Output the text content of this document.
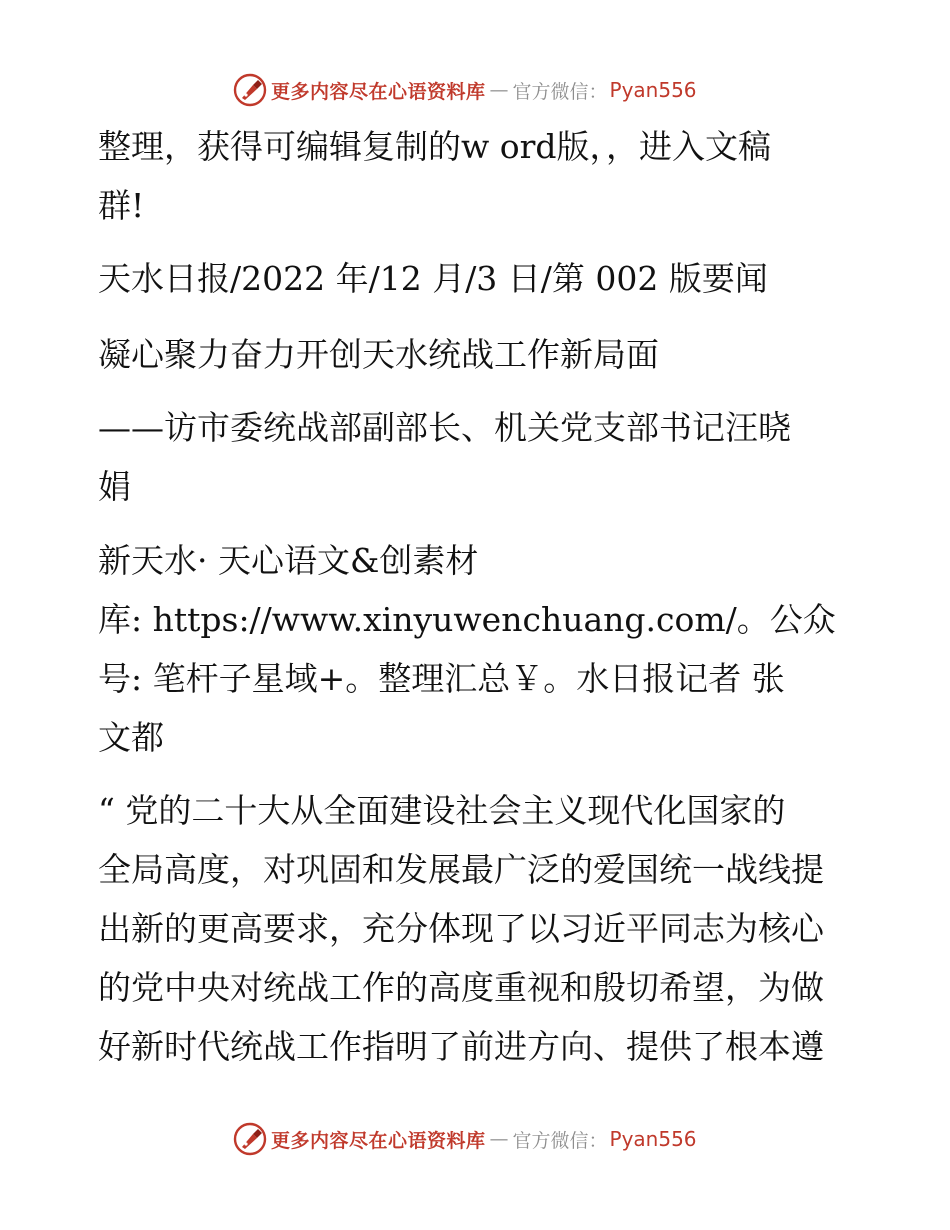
更多内容尽在心语资料库 — 官方微信： Pyan556
整理，获得可编辑复制的w ord版，，进入文稿
群!
天水日报/2022 年/12 月/3 日/第 002 版要闻
凝心聚力奋力开创天水统战工作新局面
——访市委统战部副部长、机关党支部书记汪晓
娟
新天水· 天心语文&创素材
库: https://www.xinyuwenchuang.com/。公众
号: 笔杆子星域+。整理汇总￥。水日报记者 张
文都
“ 党的二十大从全面建设社会主义现代化国家的
全局高度，对巩固和发展最广泛的爱国统一战线提
出新的更高要求，充分体现了以习近平同志为核心
的党中央对统战工作的高度重视和殷切希望，为做
好新时代统战工作指明了前进方向、提供了根本遵
更多内容尽在心语资料库 — 官方微信： Pyan556
